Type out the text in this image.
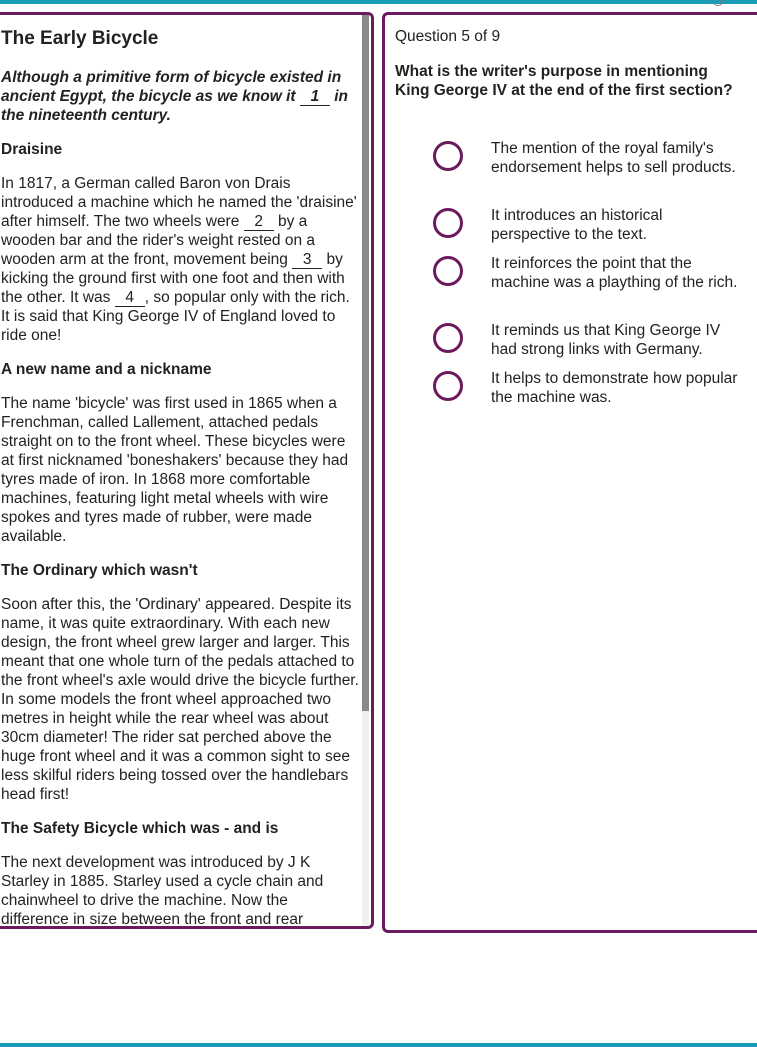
The Early Bicycle

Although a primitive form of bicycle existed in ancient Egypt, the bicycle as we know it 1 in the nineteenth century.

Draisine

In 1817, a German called Baron von Drais introduced a machine which he named the 'draisine' after himself. The two wheels were 2 by a wooden bar and the rider's weight rested on a wooden arm at the front, movement being 3 by kicking the ground first with one foot and then with the other. It was 4 , so popular only with the rich. It is said that King George IV of England loved to ride one!

A new name and a nickname

The name 'bicycle' was first used in 1865 when a Frenchman, called Lallement, attached pedals straight on to the front wheel. These bicycles were at first nicknamed 'boneshakers' because they had tyres made of iron. In 1868 more comfortable machines, featuring light metal wheels with wire spokes and tyres made of rubber, were made available.

The Ordinary which wasn't

Soon after this, the 'Ordinary' appeared. Despite its name, it was quite extraordinary. With each new design, the front wheel grew larger and larger. This meant that one whole turn of the pedals attached to the front wheel's axle would drive the bicycle further. In some models the front wheel approached two metres in height while the rear wheel was about 30cm diameter! The rider sat perched above the huge front wheel and it was a common sight to see less skilful riders being tossed over the handlebars head first!

The Safety Bicycle which was - and is

The next development was introduced by J K Starley in 1885. Starley used a cycle chain and chainwheel to drive the machine. Now the difference in size between the front and rear

Question 5 of 9
What is the writer's purpose in mentioning King George IV at the end of the first section?
The mention of the royal family's endorsement helps to sell products.
It introduces an historical perspective to the text.
It reinforces the point that the machine was a plaything of the rich.
It reminds us that King George IV had strong links with Germany.
It helps to demonstrate how popular the machine was.
